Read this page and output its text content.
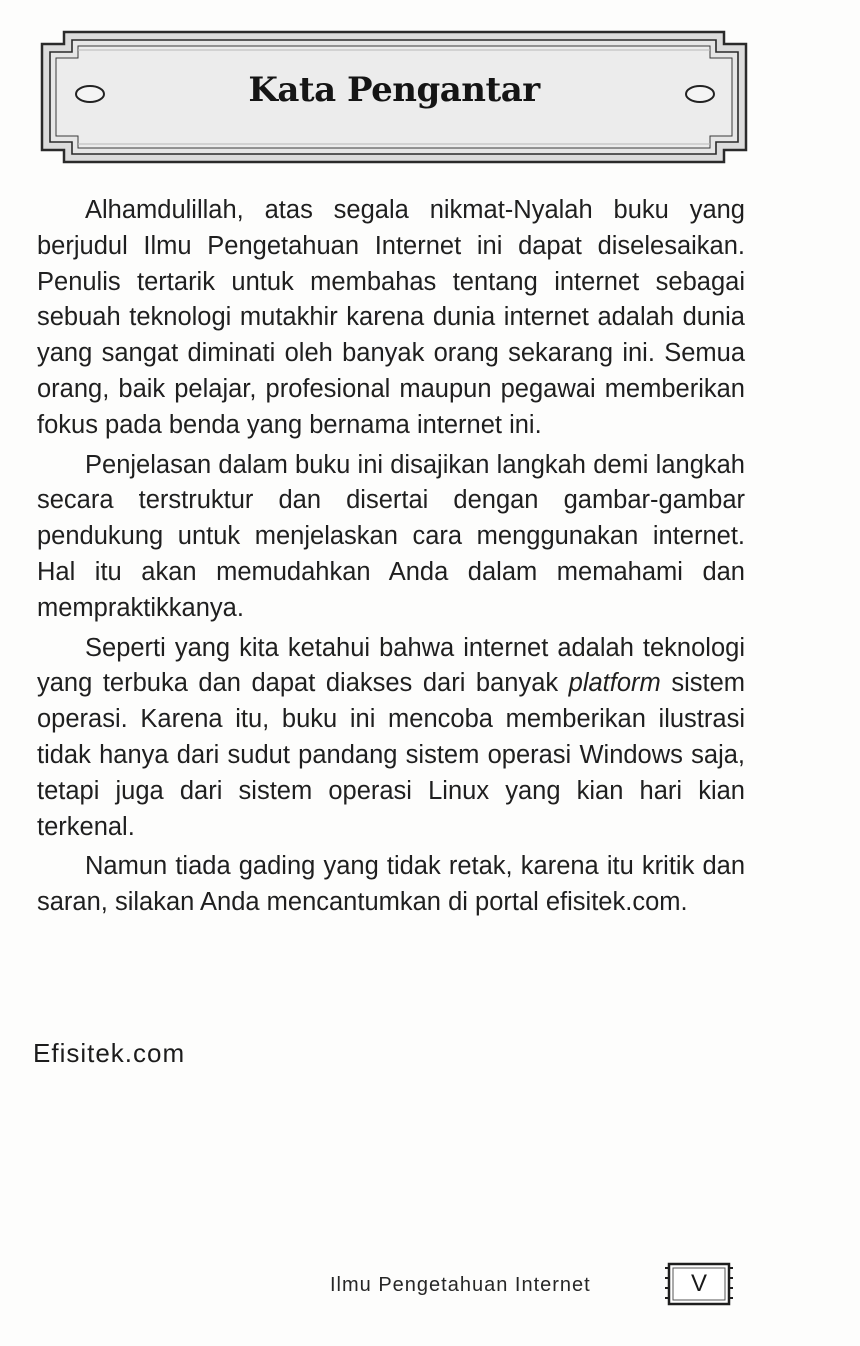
Kata Pengantar

Alhamdulillah, atas segala nikmat-Nyalah buku yang berjudul Ilmu Pengetahuan Internet ini dapat diselesaikan. Penulis tertarik untuk membahas tentang internet sebagai sebuah teknologi mutakhir karena dunia internet adalah dunia yang sangat diminati oleh banyak orang sekarang ini. Semua orang, baik pelajar, profesional maupun pegawai memberikan fokus pada benda yang bernama internet ini.

Penjelasan dalam buku ini disajikan langkah demi langkah secara terstruktur dan disertai dengan gambar-gambar pendukung untuk menjelaskan cara menggunakan internet. Hal itu akan memudahkan Anda dalam memahami dan mempraktikkanya.

Seperti yang kita ketahui bahwa internet adalah teknologi yang terbuka dan dapat diakses dari banyak platform sistem operasi. Karena itu, buku ini mencoba memberikan ilustrasi tidak hanya dari sudut pandang sistem operasi Windows saja, tetapi juga dari sistem operasi Linux yang kian hari kian terkenal.

Namun tiada gading yang tidak retak, karena itu kritik dan saran, silakan Anda mencantumkan di portal efisitek.com.

Efisitek.com
Ilmu Pengetahuan Internet	V
